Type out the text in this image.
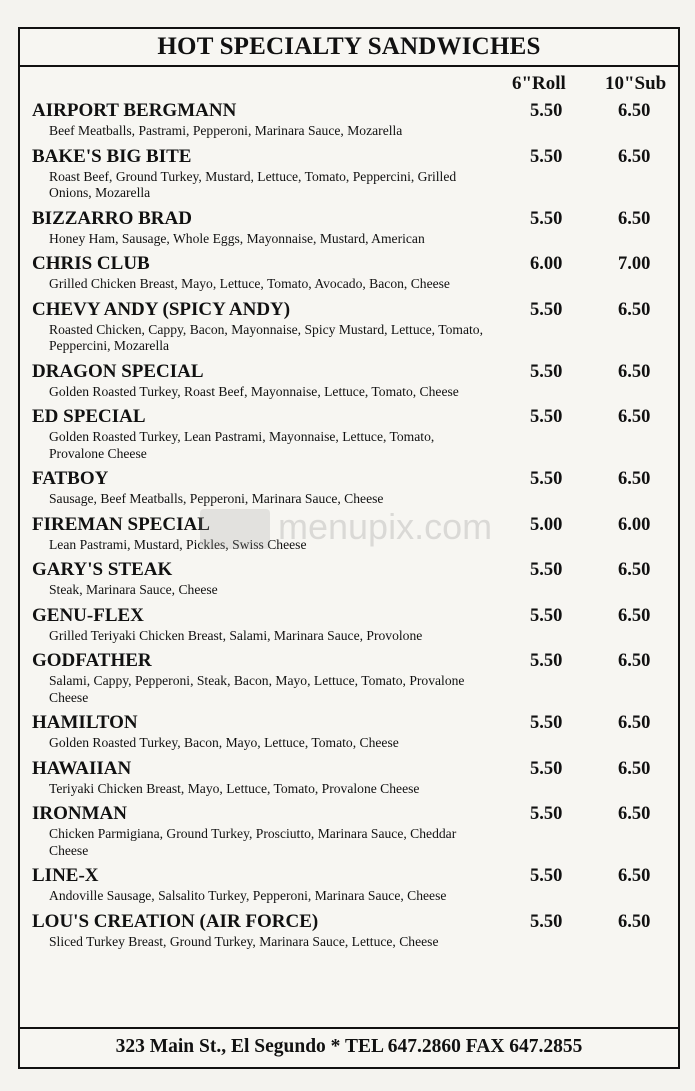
HOT SPECIALTY SANDWICHES
6"Roll 10"Sub
AIRPORT BERGMANN
Beef Meatballs, Pastrami, Pepperoni, Marinara Sauce, Mozarella
5.50	6.50
BAKE'S BIG BITE
Roast Beef, Ground Turkey, Mustard, Lettuce, Tomato, Peppercini, Grilled Onions, Mozarella
5.50	6.50
BIZZARRO BRAD
Honey Ham, Sausage, Whole Eggs, Mayonnaise, Mustard, American
5.50	6.50
CHRIS CLUB
Grilled Chicken Breast, Mayo, Lettuce, Tomato, Avocado, Bacon, Cheese
6.00	7.00
CHEVY ANDY (SPICY ANDY)
Roasted Chicken, Cappy, Bacon, Mayonnaise, Spicy Mustard, Lettuce, Tomato, Peppercini, Mozarella
5.50	6.50
DRAGON SPECIAL
Golden Roasted Turkey, Roast Beef, Mayonnaise, Lettuce, Tomato, Cheese
5.50	6.50
ED SPECIAL
Golden Roasted Turkey, Lean Pastrami, Mayonnaise, Lettuce, Tomato, Provalone Cheese
5.50	6.50
FATBOY
Sausage, Beef Meatballs, Pepperoni, Marinara Sauce, Cheese
5.50	6.50
FIREMAN SPECIAL
Lean Pastrami, Mustard, Pickles, Swiss Cheese
5.00	6.00
GARY'S STEAK
Steak, Marinara Sauce, Cheese
5.50	6.50
GENU-FLEX
Grilled Teriyaki Chicken Breast, Salami, Marinara Sauce, Provolone
5.50	6.50
GODFATHER
Salami, Cappy, Pepperoni, Steak, Bacon, Mayo, Lettuce, Tomato, Provalone Cheese
5.50	6.50
HAMILTON
Golden Roasted Turkey, Bacon, Mayo, Lettuce, Tomato, Cheese
5.50	6.50
HAWAIIAN
Teriyaki Chicken Breast, Mayo, Lettuce, Tomato, Provalone Cheese
5.50	6.50
IRONMAN
Chicken Parmigiana, Ground Turkey, Prosciutto, Marinara Sauce, Cheddar Cheese
5.50	6.50
LINE-X
Andoville Sausage, Salsalito Turkey, Pepperoni, Marinara Sauce, Cheese
5.50	6.50
LOU'S CREATION (AIR FORCE)
Sliced Turkey Breast, Ground Turkey, Marinara Sauce, Lettuce, Cheese
5.50	6.50
323 Main St., El Segundo * TEL 647.2860 FAX 647.2855
menupix.com
